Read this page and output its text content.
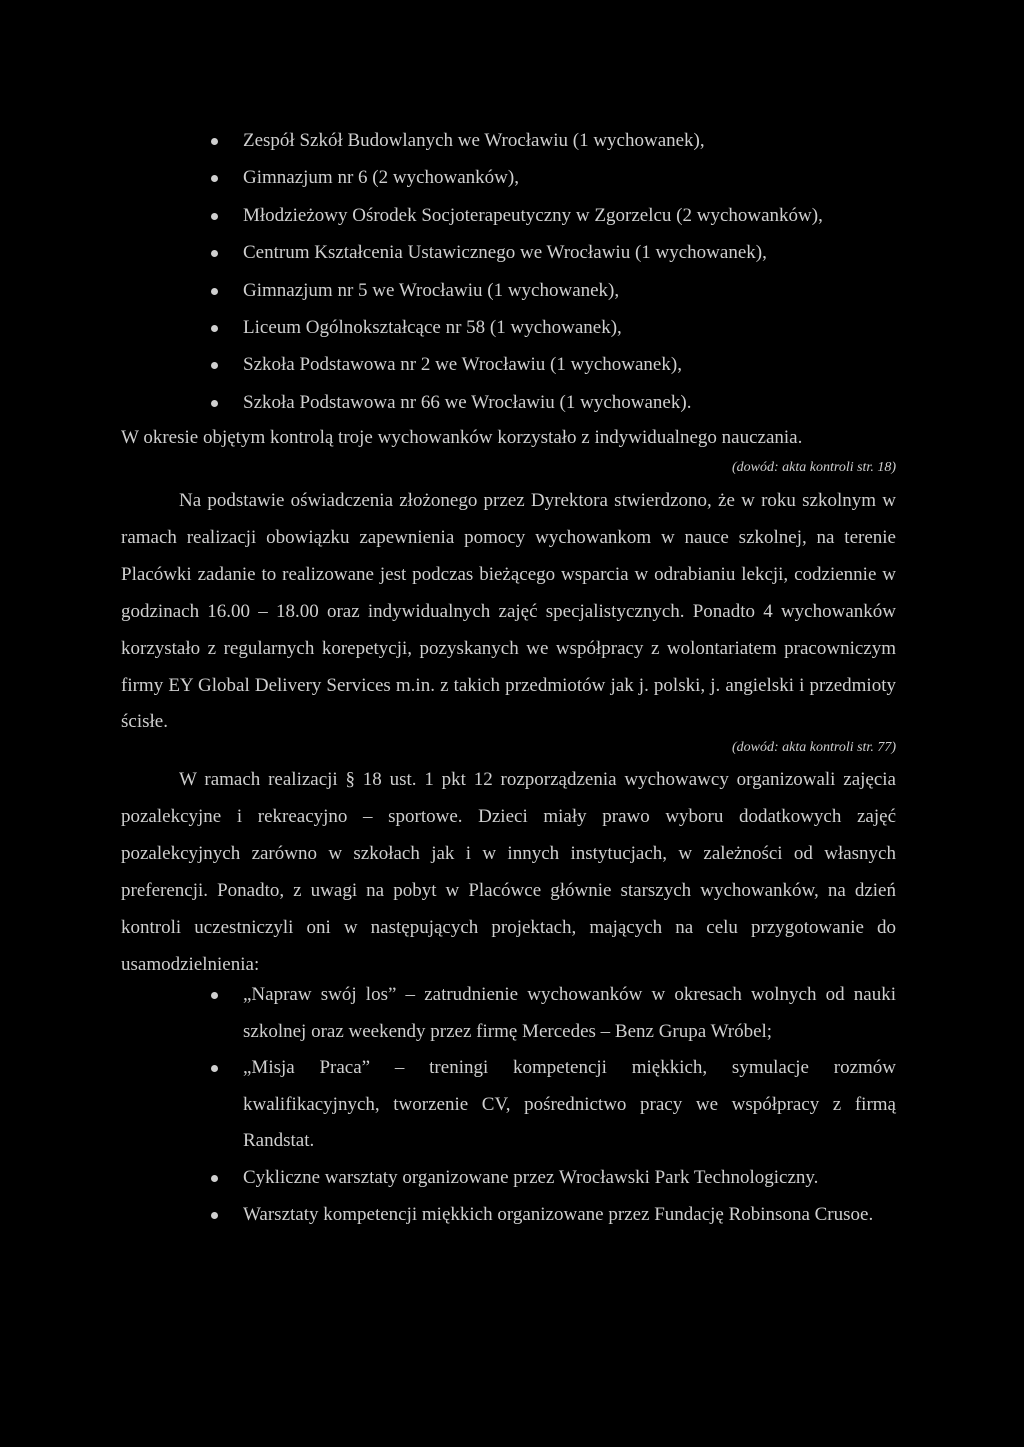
Zespół Szkół Budowlanych we Wrocławiu (1 wychowanek),
Gimnazjum nr 6 (2 wychowanków),
Młodzieżowy Ośrodek Socjoterapeutyczny w Zgorzelcu (2 wychowanków),
Centrum Kształcenia Ustawicznego we Wrocławiu (1 wychowanek),
Gimnazjum nr 5 we Wrocławiu (1 wychowanek),
Liceum Ogólnokształcące nr 58 (1 wychowanek),
Szkoła Podstawowa nr 2 we Wrocławiu (1 wychowanek),
Szkoła Podstawowa nr 66 we Wrocławiu (1 wychowanek).

W okresie objętym kontrolą troje wychowanków korzystało z indywidualnego nauczania.

(dowód: akta kontroli str. 18)

Na podstawie oświadczenia złożonego przez Dyrektora stwierdzono, że w roku szkolnym w ramach realizacji obowiązku zapewnienia pomocy wychowankom w nauce szkolnej, na terenie Placówki zadanie to realizowane jest podczas bieżącego wsparcia w odrabianiu lekcji, codziennie w godzinach 16.00 – 18.00 oraz indywidualnych zajęć specjalistycznych. Ponadto 4 wychowanków korzystało z regularnych korepetycji, pozyskanych we współpracy z wolontariatem pracowniczym firmy EY Global Delivery Services m.in. z takich przedmiotów jak j. polski, j. angielski i przedmioty ścisłe.

(dowód: akta kontroli str. 77)

W ramach realizacji § 18 ust. 1 pkt 12 rozporządzenia wychowawcy organizowali zajęcia pozalekcyjne i rekreacyjno – sportowe. Dzieci miały prawo wyboru dodatkowych zajęć pozalekcyjnych zarówno w szkołach jak i w innych instytucjach, w zależności od własnych preferencji. Ponadto, z uwagi na pobyt w Placówce głównie starszych wychowanków, na dzień kontroli uczestniczyli oni w następujących projektach, mających na celu przygotowanie do usamodzielnienia:

„Napraw swój los” – zatrudnienie wychowanków w okresach wolnych od nauki szkolnej oraz weekendy przez firmę Mercedes – Benz Grupa Wróbel;
„Misja Praca” – treningi kompetencji miękkich, symulacje rozmów kwalifikacyjnych, tworzenie CV, pośrednictwo pracy we współpracy z firmą Randstat.
Cykliczne warsztaty organizowane przez Wrocławski Park Technologiczny.
Warsztaty kompetencji miękkich organizowane przez Fundację Robinsona Crusoe.
